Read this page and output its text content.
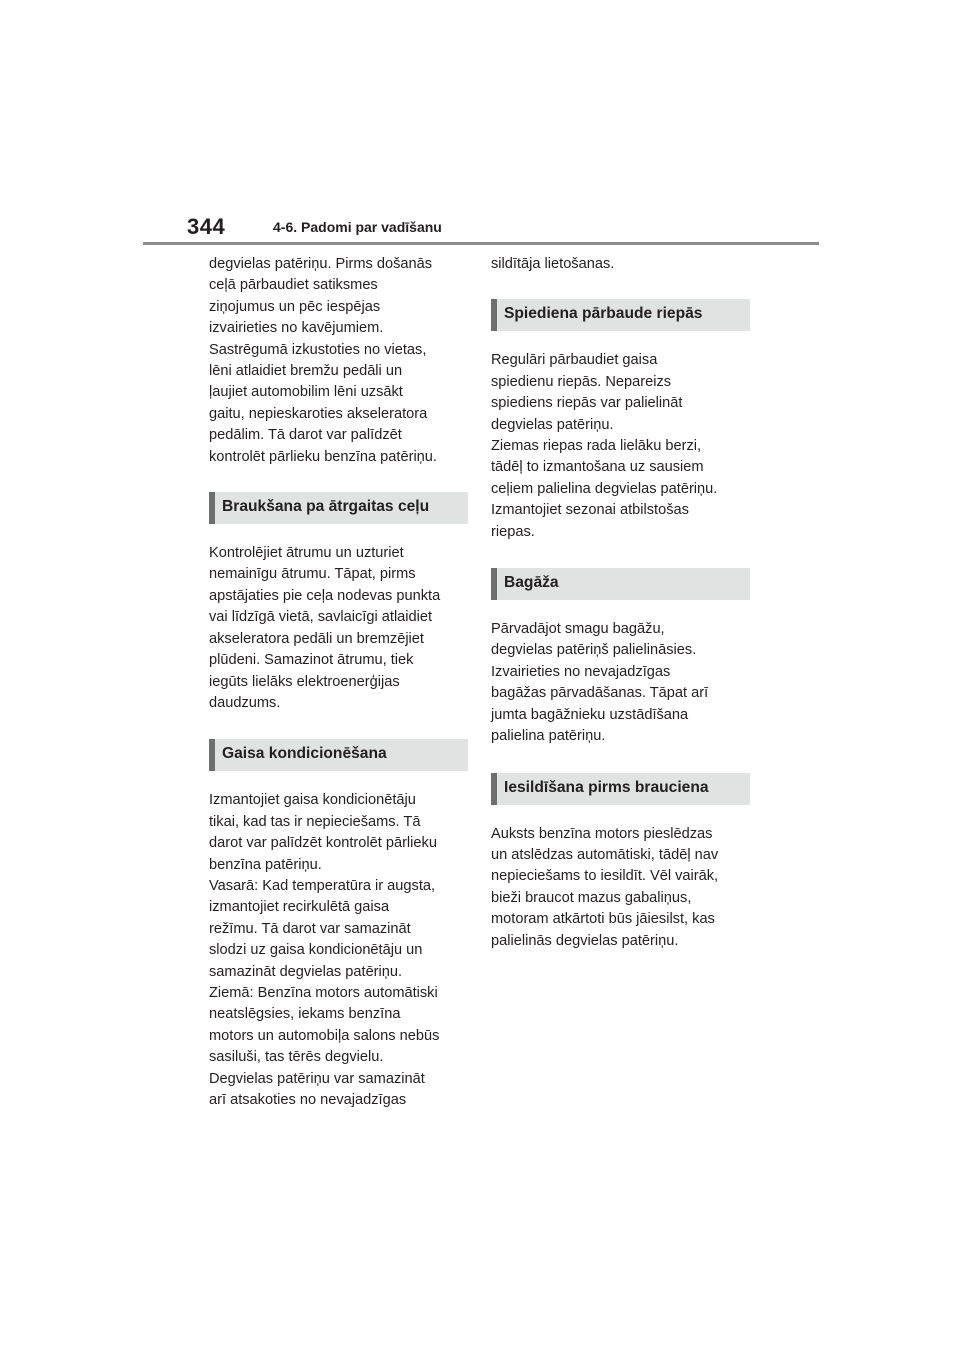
344	4-6. Padomi par vadīšanu

degvielas patēriņu. Pirms došanās
ceļā pārbaudiet satiksmes
ziņojumus un pēc iespējas
izvairieties no kavējumiem.
Sastrēgumā izkustoties no vietas,
lēni atlaidiet bremžu pedāli un
ļaujiet automobilim lēni uzsākt
gaitu, nepieskaroties akseleratora
pedālim. Tā darot var palīdzēt
kontrolēt pārlieku benzīna patēriņu.

Braukšana pa ātrgaitas ceļu

Kontrolējiet ātrumu un uzturiet
nemainīgu ātrumu. Tāpat, pirms
apstājaties pie ceļa nodevas punkta
vai līdzīgā vietā, savlaicīgi atlaidiet
akseleratora pedāli un bremzējiet
plūdeni. Samazinot ātrumu, tiek
iegūts lielāks elektroenerģijas
daudzums.

Gaisa kondicionēšana

Izmantojiet gaisa kondicionētāju
tikai, kad tas ir nepieciešams. Tā
darot var palīdzēt kontrolēt pārlieku
benzīna patēriņu.
Vasarā: Kad temperatūra ir augsta,
izmantojiet recirkulētā gaisa
režīmu. Tā darot var samazināt
slodzi uz gaisa kondicionētāju un
samazināt degvielas patēriņu.
Ziemā: Benzīna motors automātiski
neatslēgsies, iekams benzīna
motors un automobiļa salons nebūs
sasiluši, tas tērēs degvielu.
Degvielas patēriņu var samazināt
arī atsakoties no nevajadzīgas

sildītāja lietošanas.

Spiediena pārbaude riepās

Regulāri pārbaudiet gaisa
spiedienu riepās. Nepareizs
spiediens riepās var palielināt
degvielas patēriņu.
Ziemas riepas rada lielāku berzi,
tādēļ to izmantošana uz sausiem
ceļiem palielina degvielas patēriņu.
Izmantojiet sezonai atbilstošas
riepas.

Bagāža

Pārvadājot smagu bagāžu,
degvielas patēriņš palielināsies.
Izvairieties no nevajadzīgas
bagāžas pārvadāšanas. Tāpat arī
jumta bagāžnieku uzstādīšana
palielina patēriņu.

Iesildīšana pirms brauciena

Auksts benzīna motors pieslēdzas
un atslēdzas automātiski, tādēļ nav
nepieciešams to iesildīt. Vēl vairāk,
bieži braucot mazus gabaliņus,
motoram atkārtoti būs jāiesilst, kas
palielinās degvielas patēriņu.
